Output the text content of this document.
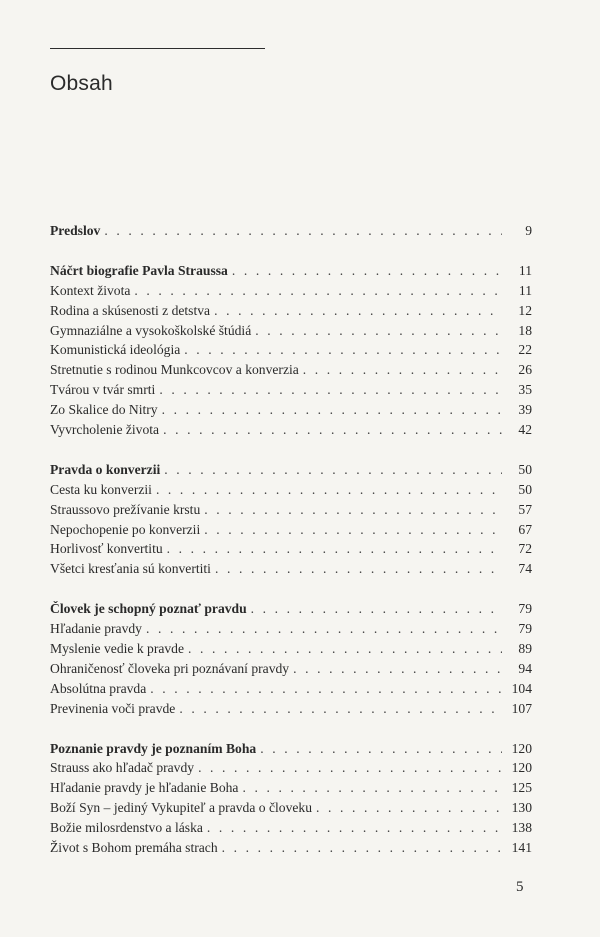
Obsah
Predslov . . .	9
Náčrt biografie Pavla Straussa . . .	11
Kontext života . . .	11
Rodina a skúsenosti z detstva . . .	12
Gymnaziálne a vysokoškolské štúdiá . . .	18
Komunistická ideológia . . .	22
Stretnutie s rodinou Munkcovcov a konverzia . . .	26
Tvárou v tvár smrti . . .	35
Zo Skalice do Nitry . . .	39
Vyvrcholenie života . . .	42
Pravda o konverzii . . .	50
Cesta ku konverzii . . .	50
Straussovo prežívanie krstu . . .	57
Nepochopenie po konverzii . . .	67
Horlivosť konvertitu . . .	72
Všetci kresťania sú konvertiti . . .	74
Človek je schopný poznať pravdu . . .	79
Hľadanie pravdy . . .	79
Myslenie vedie k pravde . . .	89
Ohraničenosť človeka pri poznávaní pravdy . . .	94
Absolútna pravda . . .	104
Previnenia voči pravde . . .	107
Poznanie pravdy je poznaním Boha . . .	120
Strauss ako hľadač pravdy . . .	120
Hľadanie pravdy je hľadanie Boha . . .	125
Boží Syn – jediný Vykupiteľ a pravda o človeku . . .	130
Božie milosrdenstvo a láska . . .	138
Život s Bohom premáha strach . . .	141
5
